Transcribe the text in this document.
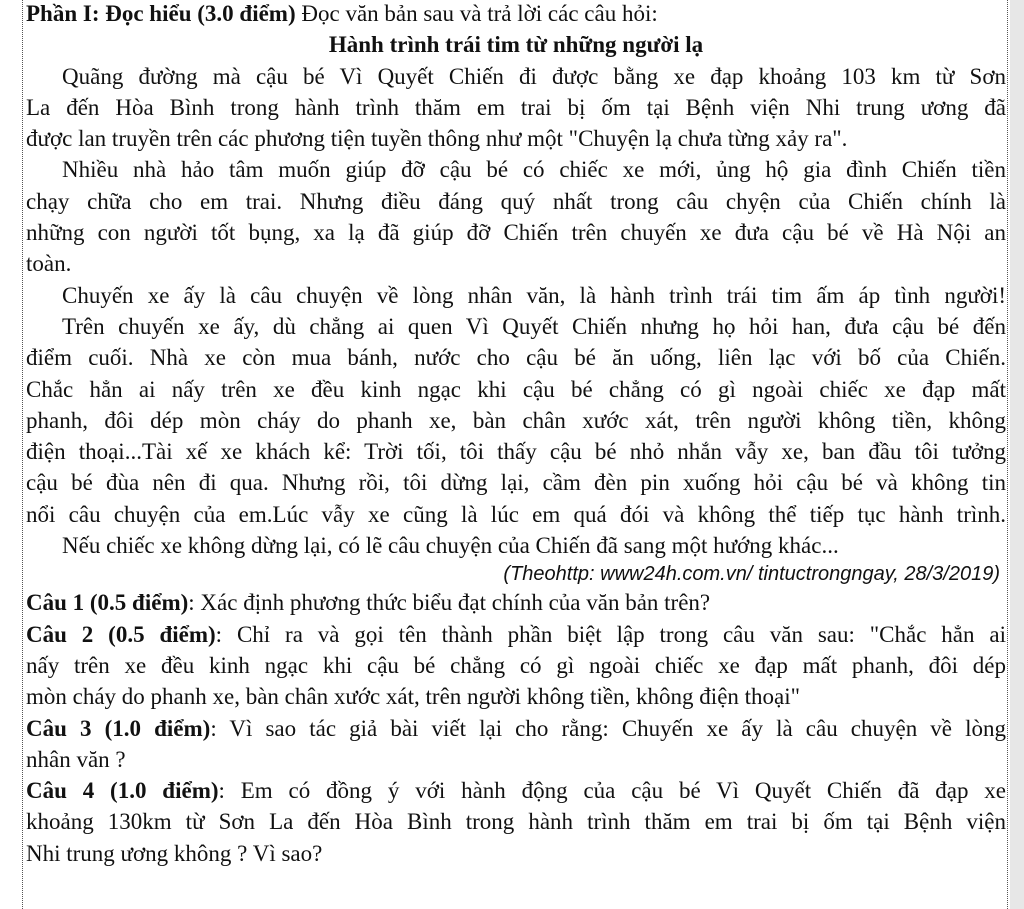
Phần I: Đọc hiểu (3.0 điểm) Đọc văn bản sau và trả lời các câu hỏi:
Hành trình trái tim từ những người lạ
Quãng đường mà cậu bé Vì Quyết Chiến đi được bằng xe đạp khoảng 103 km từ Sơn
La đến Hòa Bình trong hành trình thăm em trai bị ốm tại Bệnh viện Nhi trung ương đã
được lan truyền trên các phương tiện tuyền thông như một "Chuyện lạ chưa từng xảy ra".
Nhiều nhà hảo tâm muốn giúp đỡ cậu bé có chiếc xe mới, ủng hộ gia đình Chiến tiền
chạy chữa cho em trai. Nhưng điều đáng quý nhất trong câu chyện của Chiến chính là
những con người tốt bụng, xa lạ đã giúp đỡ Chiến trên chuyến xe đưa cậu bé về Hà Nội an
toàn.
Chuyến xe ấy là câu chuyện về lòng nhân văn, là hành trình trái tim ấm áp tình người!
Trên chuyến xe ấy, dù chẳng ai quen Vì Quyết Chiến nhưng họ hỏi han, đưa cậu bé đến
điểm cuối. Nhà xe còn mua bánh, nước cho cậu bé ăn uống, liên lạc với bố của Chiến.
Chắc hẳn ai nấy trên xe đều kinh ngạc khi cậu bé chẳng có gì ngoài chiếc xe đạp mất
phanh, đôi dép mòn cháy do phanh xe, bàn chân xước xát, trên người không tiền, không
điện thoại...Tài xế xe khách kể: Trời tối, tôi thấy cậu bé nhỏ nhắn vẫy xe, ban đầu tôi tưởng
cậu bé đùa nên đi qua. Nhưng rồi, tôi dừng lại, cầm đèn pin xuống hỏi cậu bé và không tin
nổi câu chuyện của em.Lúc vẫy xe cũng là lúc em quá đói và không thể tiếp tục hành trình.
Nếu chiếc xe không dừng lại, có lẽ câu chuyện của Chiến đã sang một hướng khác...
(Theohttp: www24h.com.vn/ tintuctrongngay, 28/3/2019)
Câu 1 (0.5 điểm): Xác định phương thức biểu đạt chính của văn bản trên?
Câu 2 (0.5 điểm): Chỉ ra và gọi tên thành phần biệt lập trong câu văn sau: "Chắc hẳn ai
nấy trên xe đều kinh ngạc khi cậu bé chẳng có gì ngoài chiếc xe đạp mất phanh, đôi dép
mòn cháy do phanh xe, bàn chân xước xát, trên người không tiền, không điện thoại"
Câu 3 (1.0 điểm): Vì sao tác giả bài viết lại cho rằng: Chuyến xe ấy là câu chuyện về lòng
nhân văn ?
Câu 4 (1.0 điểm): Em có đồng ý với hành động của cậu bé Vì Quyết Chiến đã đạp xe
khoảng 130km từ Sơn La đến Hòa Bình trong hành trình thăm em trai bị ốm tại Bệnh viện
Nhi trung ương không ? Vì sao?
